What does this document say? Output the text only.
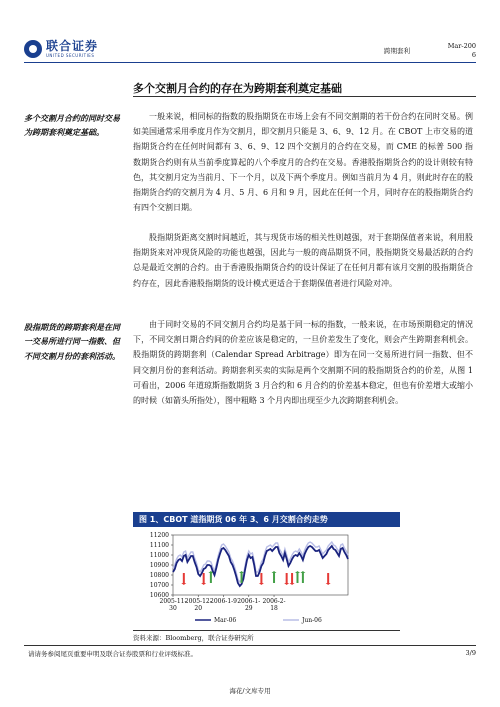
联合证券
UNITED SECURITIES
跨期套利
Mar-200
6
多个交割月合约的存在为跨期套利奠定基础
多个交割月合约的同时交易为跨期套利奠定基础。
股指期货的跨期套利是在同一交易所进行同一指数、但不同交割月份的套利活动。

一般来说，相同标的指数的股指期货在市场上会有不同交割期的若干份合约在同时交易。例如美国通常采用季度月作为交割月，即交割月只能是 3、6、9、12 月。在 CBOT 上市交易的道指期货合约在任何时间都有 3、6、9、12 四个交割月的合约在交易，而 CME 的标普 500 指数期货合约则有从当前季度算起的八个季度月的合约在交易。香港股指期货合约的设计则较有特色，其交割月定为当前月、下一个月，以及下两个季度月。例如当前月为 4 月，则此时存在的股指期货合约的交割月为 4 月、5 月、6 月和 9 月，因此在任何一个月，同时存在的股指期货合约有四个交割日期。

股指期货距离交割时间越近，其与现货市场的相关性则越强，对于套期保值者来说，利用股指期货来对冲现货风险的功能也越强，因此与一般的商品期货不同，股指期货交易最活跃的合约总是最近交割的合约。由于香港股指期货合约的设计保证了在任何月都有该月交割的股指期货合约存在，因此香港股指期货的设计模式更适合于套期保值者进行风险对冲。

由于同时交易的不同交割月合约均是基于同一标的指数，一般来说，在市场预期稳定的情况下，不同交割日期合约间的价差应该是稳定的，一旦价差发生了变化，则会产生跨期套利机会。股指期货的跨期套利（Calendar Spread Arbitrage）即为在同一交易所进行同一指数、但不同交割月份的套利活动。跨期套利买卖的实际是两个交割期不同的股指期货合约的价差，从图 1 可看出，2006 年道琼斯指数期货 3 月合约和 6 月合约的价差基本稳定，但也有价差增大或缩小的时候（如箭头所指处），图中粗略 3 个月内即出现至少九次跨期套利机会。

图 1、CBOT 道指期货 06 年 3、6 月交割合约走势
10600
10700
10800
10900
11000
11100
11200
2005-11-30
2005-12-20
2006-1-9 2006-1-29
2006-2-18
Mar-06	Jun-06
资料来源：Bloomberg，联合证券研究所
请请务参阅尾页重要申明及联合证券股票和行业评级标准。	3/9
海花/文库专用
